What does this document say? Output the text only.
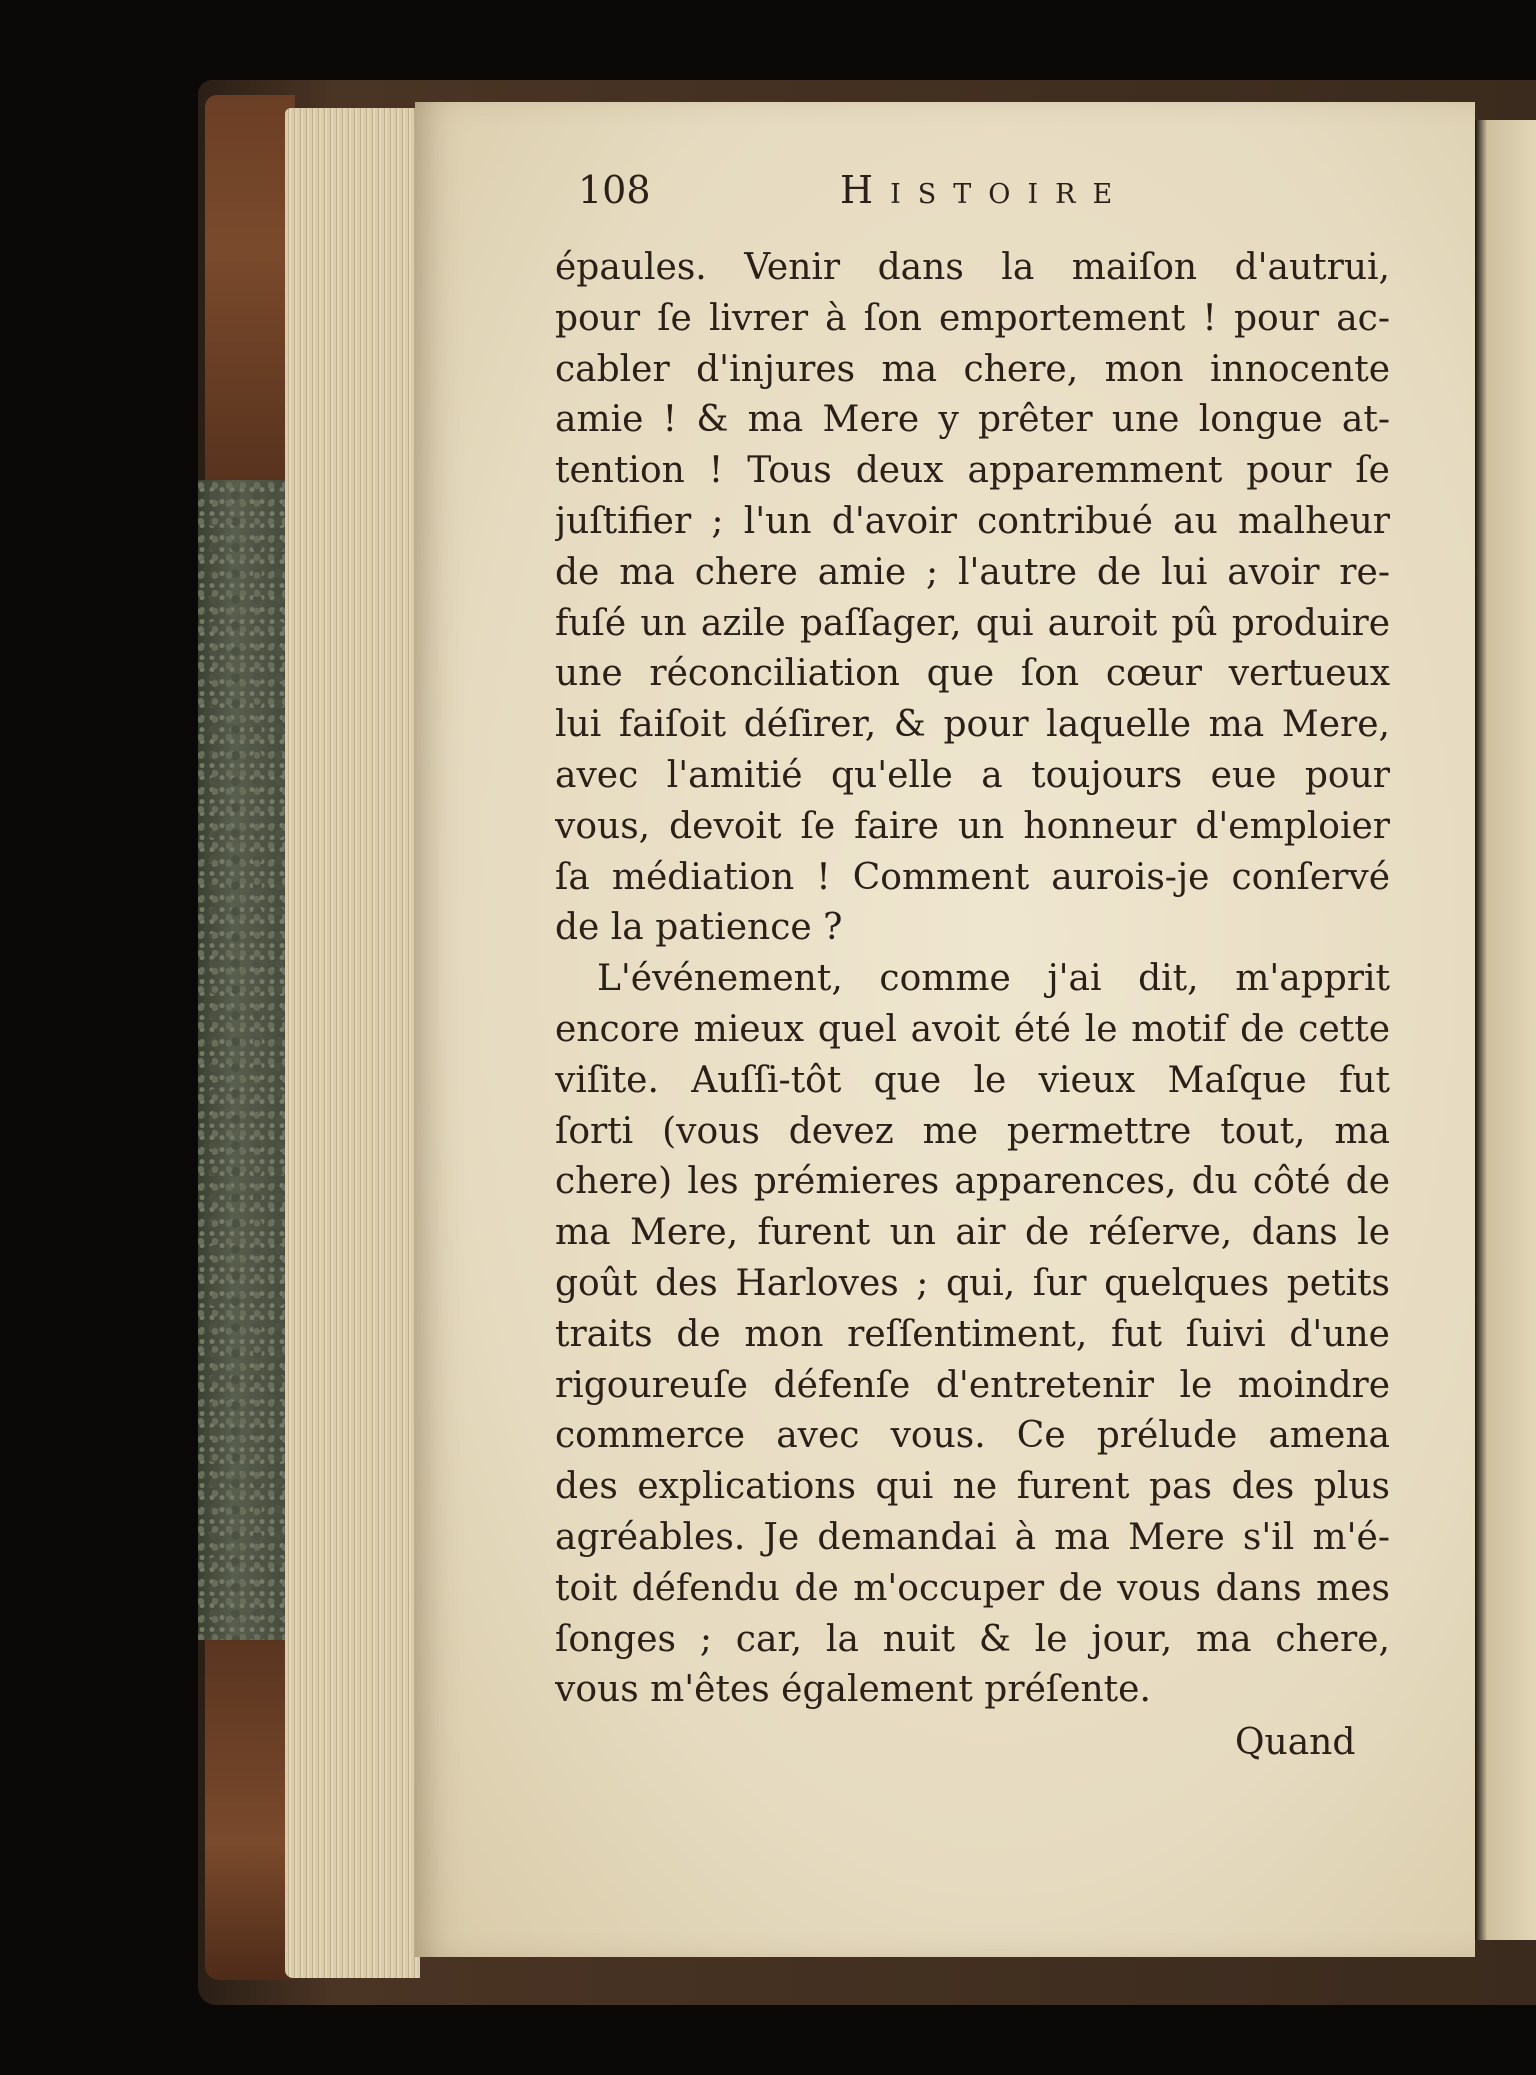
108	Histoire
épaules. Venir dans la maiſon d'autrui,
pour ſe livrer à ſon emportement ! pour ac-
cabler d'injures ma chere, mon innocente
amie ! & ma Mere y prêter une longue at-
tention ! Tous deux apparemment pour ſe
juſtifier ; l'un d'avoir contribué au malheur
de ma chere amie ; l'autre de lui avoir re-
fuſé un azile paſſager, qui auroit pû produire
une réconciliation que ſon cœur vertueux
lui faiſoit déſirer, & pour laquelle ma Mere,
avec l'amitié qu'elle a toujours eue pour
vous, devoit ſe faire un honneur d'emploier
ſa médiation ! Comment aurois-je conſervé
de la patience ?
L'événement, comme j'ai dit, m'apprit
encore mieux quel avoit été le motif de cette
viſite. Auſſi-tôt que le vieux Maſque fut
ſorti (vous devez me permettre tout, ma
chere) les prémieres apparences, du côté de
ma Mere, furent un air de réſerve, dans le
goût des Harloves ; qui, ſur quelques petits
traits de mon reſſentiment, fut ſuivi d'une
rigoureuſe défenſe d'entretenir le moindre
commerce avec vous. Ce prélude amena
des explications qui ne furent pas des plus
agréables. Je demandai à ma Mere s'il m'é-
toit défendu de m'occuper de vous dans mes
ſonges ; car, la nuit & le jour, ma chere,
vous m'êtes également préſente.
Quand
